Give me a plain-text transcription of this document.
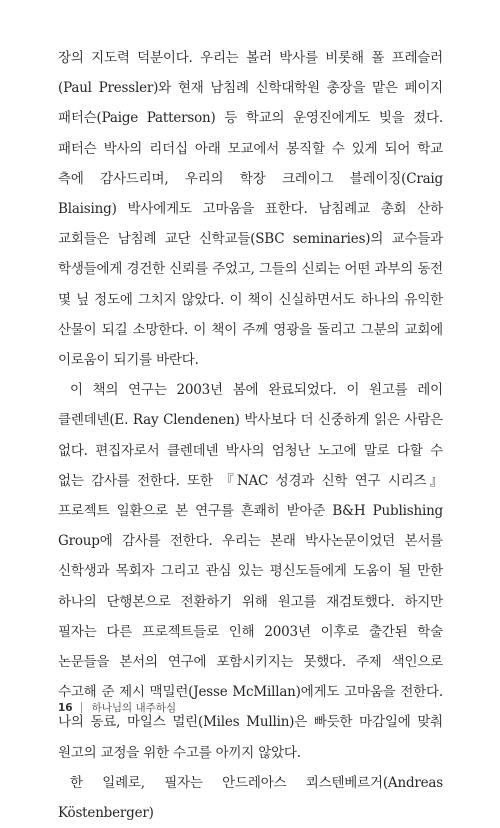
장의 지도력 덕분이다. 우리는 볼러 박사를 비롯해 폴 프레슬러(Paul Pressler)와 현재 남침례 신학대학원 총장을 맡은 페이지 패터슨(Paige Patterson) 등 학교의 운영진에게도 빚을 졌다. 패터슨 박사의 리더십 아래 모교에서 봉직할 수 있게 되어 학교 측에 감사드리며, 우리의 학장 크레이그 블레이징(Craig Blaising) 박사에게도 고마움을 표한다. 남침례교 총회 산하 교회들은 남침례 교단 신학교들(SBC seminaries)의 교수들과 학생들에게 경건한 신뢰를 주었고, 그들의 신뢰는 어떤 과부의 동전 몇 닢 정도에 그치지 않았다. 이 책이 신실하면서도 하나의 유익한 산물이 되길 소망한다. 이 책이 주께 영광을 돌리고 그분의 교회에 이로움이 되기를 바란다.

이 책의 연구는 2003년 봄에 완료되었다. 이 원고를 레이 클렌데넨(E. Ray Clendenen) 박사보다 더 신중하게 읽은 사람은 없다. 편집자로서 클렌데넨 박사의 엄청난 노고에 말로 다할 수 없는 감사를 전한다. 또한 『NAC 성경과 신학 연구 시리즈』 프로젝트 일환으로 본 연구를 흔쾌히 받아준 B&H Publishing Group에 감사를 전한다. 우리는 본래 박사논문이었던 본서를 신학생과 목회자 그리고 관심 있는 평신도들에게 도움이 될 만한 하나의 단행본으로 전환하기 위해 원고를 재검토했다. 하지만 필자는 다른 프로젝트들로 인해 2003년 이후로 출간된 학술 논문들을 본서의 연구에 포함시키지는 못했다. 주제 색인으로 수고해 준 제시 맥밀런(Jesse McMillan)에게도 고마움을 전한다. 나의 동료, 마일스 멀린(Miles Mullin)은 빠듯한 마감일에 맞춰 원고의 교정을 위한 수고를 아끼지 않았다.

한 일례로, 필자는 안드레아스 쾨스텐베르거(Andreas Köstenberger)

16 하나님의 내주하심
